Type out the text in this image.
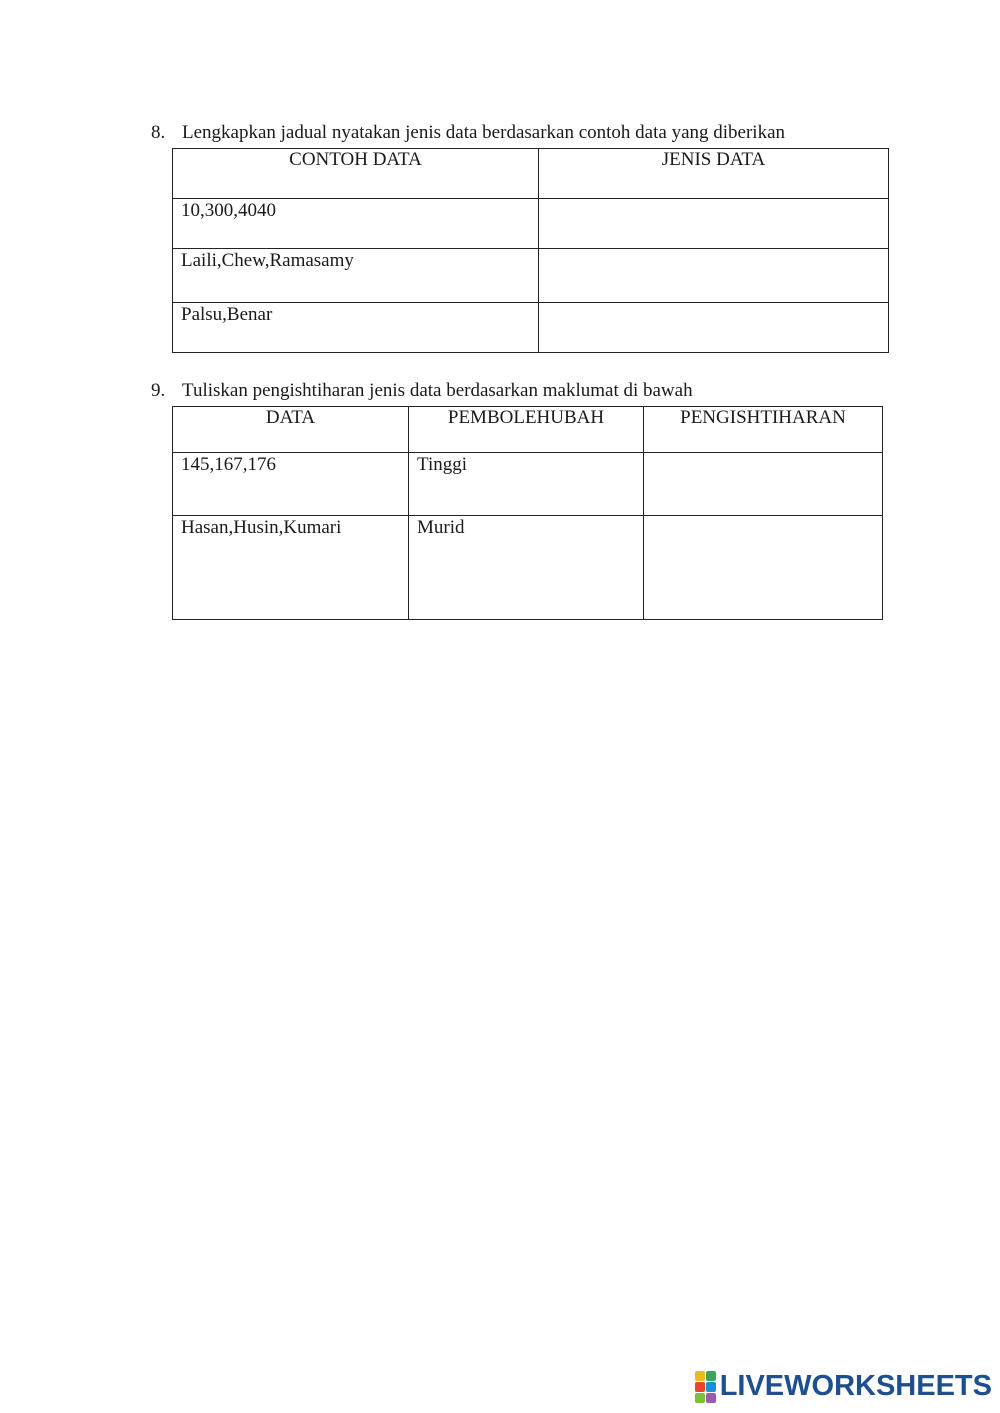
8. Lengkapkan jadual nyatakan jenis data berdasarkan contoh data yang diberikan
CONTOH DATA	JENIS DATA
10,300,4040	
Laili,Chew,Ramasamy	
Palsu,Benar	
9. Tuliskan pengishtiharan jenis data berdasarkan maklumat di bawah
DATA	PEMBOLEHUBAH	PENGISHTIHARAN
145,167,176	Tinggi	
Hasan,Husin,Kumari	Murid	
LIVEWORKSHEETS
